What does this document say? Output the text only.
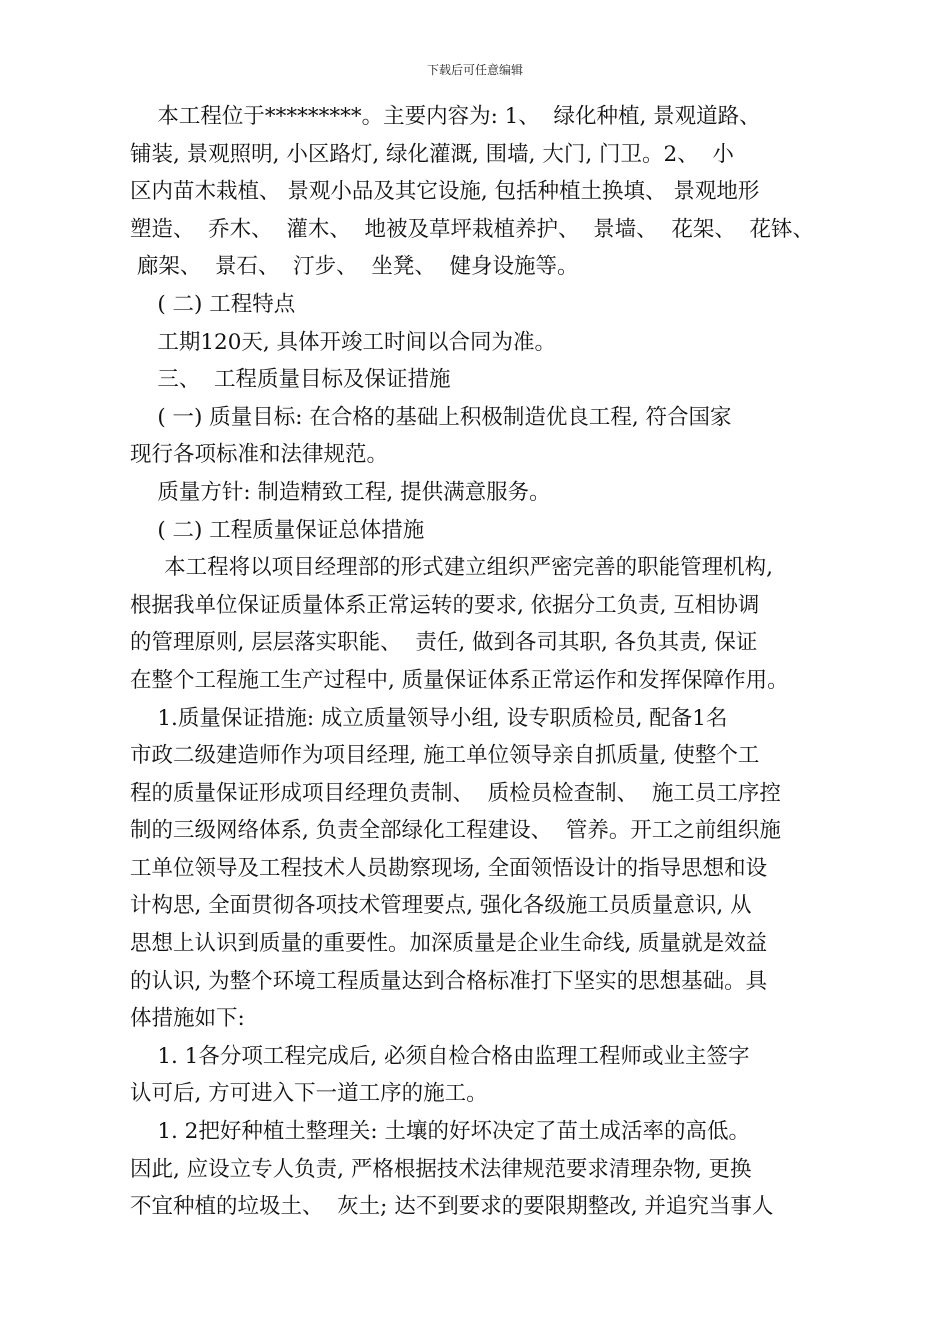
下载后可任意编辑
本工程位于*********。主要内容为: 1、  绿化种植, 景观道路、
铺装, 景观照明, 小区路灯, 绿化灌溉, 围墙, 大门, 门卫。2、  小
区内苗木栽植、 景观小品及其它设施, 包括种植土换填、 景观地形
塑造、  乔木、  灌木、  地被及草坪栽植养护、  景墙、  花架、  花钵、
廊架、  景石、  汀步、  坐凳、  健身设施等。
( 二) 工程特点
工期120天, 具体开竣工时间以合同为准。
三、  工程质量目标及保证措施
( 一) 质量目标: 在合格的基础上积极制造优良工程, 符合国家
现行各项标准和法律规范。
质量方针: 制造精致工程, 提供满意服务。
( 二) 工程质量保证总体措施
本工程将以项目经理部的形式建立组织严密完善的职能管理机构,
根据我单位保证质量体系正常运转的要求, 依据分工负责, 互相协调
的管理原则, 层层落实职能、  责任, 做到各司其职, 各负其责, 保证
在整个工程施工生产过程中, 质量保证体系正常运作和发挥保障作用。
1.质量保证措施: 成立质量领导小组, 设专职质检员, 配备1名
市政二级建造师作为项目经理, 施工单位领导亲自抓质量, 使整个工
程的质量保证形成项目经理负责制、  质检员检查制、  施工员工序控
制的三级网络体系, 负责全部绿化工程建设、  管养。开工之前组织施
工单位领导及工程技术人员勘察现场, 全面领悟设计的指导思想和设
计构思, 全面贯彻各项技术管理要点, 强化各级施工员质量意识, 从
思想上认识到质量的重要性。加深质量是企业生命线, 质量就是效益
的认识, 为整个环境工程质量达到合格标准打下坚实的思想基础。具
体措施如下:
1. 1各分项工程完成后, 必须自检合格由监理工程师或业主签字
认可后, 方可进入下一道工序的施工。
1. 2把好种植土整理关: 土壤的好坏决定了苗土成活率的高低。
因此, 应设立专人负责, 严格根据技术法律规范要求清理杂物, 更换
不宜种植的垃圾土、  灰土; 达不到要求的要限期整改, 并追究当事人
